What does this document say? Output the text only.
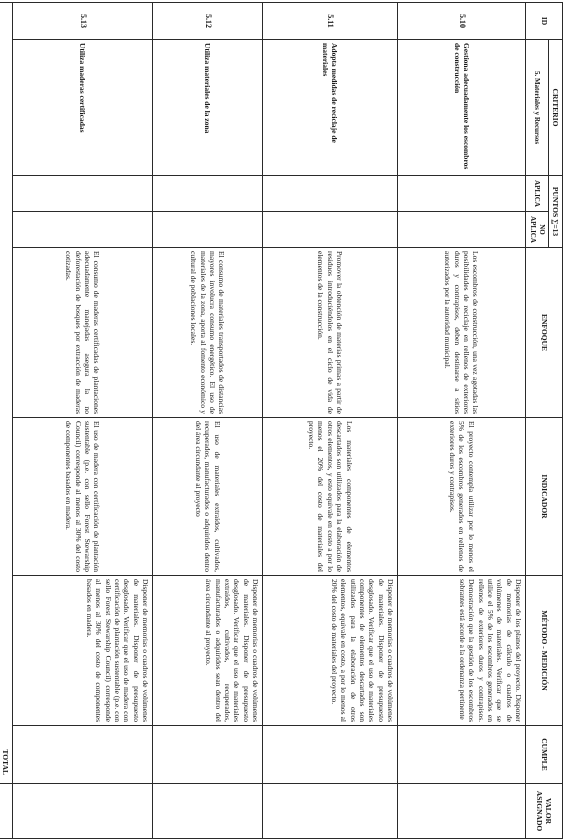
ID	CRITERIO	PUNTOS ∑=13		ENFOQUE	INDICADOR	MÉTODO - MEDICIÓN	CUMPLE	VALOR ASIGNADO
	5. Materiales y Recursos	APLICA	NO APLICA					
5.10	Gestiona adecuadamente los escombros de construcción			Los escombros de construcción, una vez agotadas las posibilidades de reciclaje en rellenos de exteriores duros y contrapisos, deben destinarse a sitios autorizados por la autoridad municipal.	El proyecto contempla utilizar por lo menos el 5% de los escombros generados en rellenos de exteriores duros y contrapisos.	Disponer de los planos del proyecto. Disponer de memorias de cálculo o cuadros de volúmenes de materiales. Verificar que se utilice el 5% de los escombros generados en rellenos de exteriores duros y contrapisos. Demostración que la gestión de los escombros sobrantes está acorde a la ordenanza pertinente		
5.11	Adopta medidas de reciclaje de materiales			Promover la obtención de materias primas a partir de residuos introduciéndolos en el ciclo de vida de elementos de la construcción.	Los materiales componentes de elementos descartados son utilizados para la elaboración de otros elementos, y esto equivale en costo a por lo menos el 20% del costo de materiales del proyecto.	Disponer de memorias o cuadros de volúmenes de materiales. Disponer de presupuesto desglosado. Verificar que el uso de materiales componentes de elementos descartados son utilizados para la elaboración de otros elementos, equivale en costo, a por lo menos al 20% del costo de materiales del proyecto.		
5.12	Utiliza materiales de la zona			El consumo de materiales transportados de distancias mayores involucra consumo energético. El uso de materiales de la zona, aporta al fomento económico y cultural de poblaciones locales.	El uso de materiales extraídos, cultivados, recuperados, manufacturados o adquiridos dentro del área circundante al proyecto	Disponer de memorias o cuadros de volúmenes de materiales. Disponer de presupuesto desglosado. Verificar que el uso de materiales extraídos, cultivados, recuperados, manufacturados o adquiridos sean dentro del área circundante al proyecto.		
5.13	Utiliza maderas certificadas			El consumo de maderas certificadas de plantaciones adecuadamente manejadas asegura la no deforestación de bosques por extracción de maderas cotizadas.	El uso de madera con certificación de plantación sustentable (p.e. con sello Forest Stewarship Council) corresponde al menos al 30% del costo de componentes basados en madera.	Disponer de memorias o cuadros de volúmenes de materiales. Disponer de presupuesto desglosado. Verificar que el uso de madera con certificación de plantación sustentable (p.e. con sello Forest Stewarship Council) corresponde al menos al 30% del costo de componentes basados en madera.		
TOTAL								
